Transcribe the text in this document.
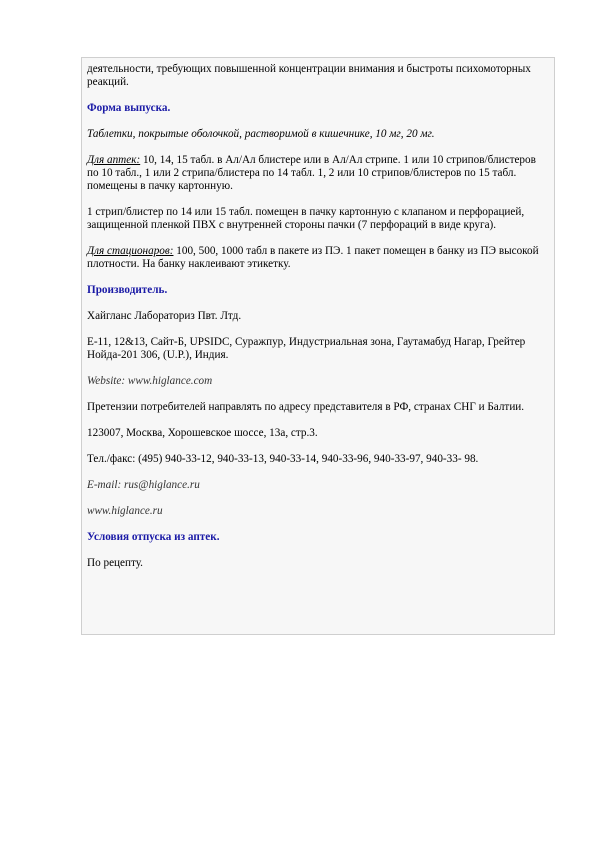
деятельности, требующих повышенной концентрации внимания и быстроты психомоторных реакций.

Форма выпуска.

Таблетки, покрытые оболочкой, растворимой в кишечнике, 10 мг, 20 мг.

Для аптек: 10, 14, 15 табл. в Ал/Ал блистере или в Ал/Ал стрипе. 1 или 10 стрипов/блистеров по 10 табл., 1 или 2 стрипа/блистера по 14 табл. 1, 2 или 10 стрипов/блистеров по 15 табл. помещены в пачку картонную.

1 стрип/блистер по 14 или 15 табл. помещен в пачку картонную с клапаном и перфорацией, защищенной пленкой ПВХ с внутренней стороны пачки (7 перфораций в виде круга).

Для стационаров: 100, 500, 1000 табл в пакете из ПЭ. 1 пакет помещен в банку из ПЭ высокой плотности. На банку наклеивают этикетку.

Производитель.

Хайгланс Лабораториз Пвт. Лтд.

Е-11, 12&13, Сайт-Б, UPSIDC, Суражпур, Индустриальная зона, Гаутамабуд Нагар, Грейтер Нойда-201 306, (U.P.), Индия.

Website: www.higlance.com

Претензии потребителей направлять по адресу представителя в РФ, странах СНГ и Балтии.

123007, Москва, Хорошевское шоссе, 13а, стр.3.

Тел./факс: (495) 940-33-12, 940-33-13, 940-33-14, 940-33-96, 940-33-97, 940-33- 98.

E-mail: rus@higlance.ru

www.higlance.ru

Условия отпуска из аптек.

По рецепту.
